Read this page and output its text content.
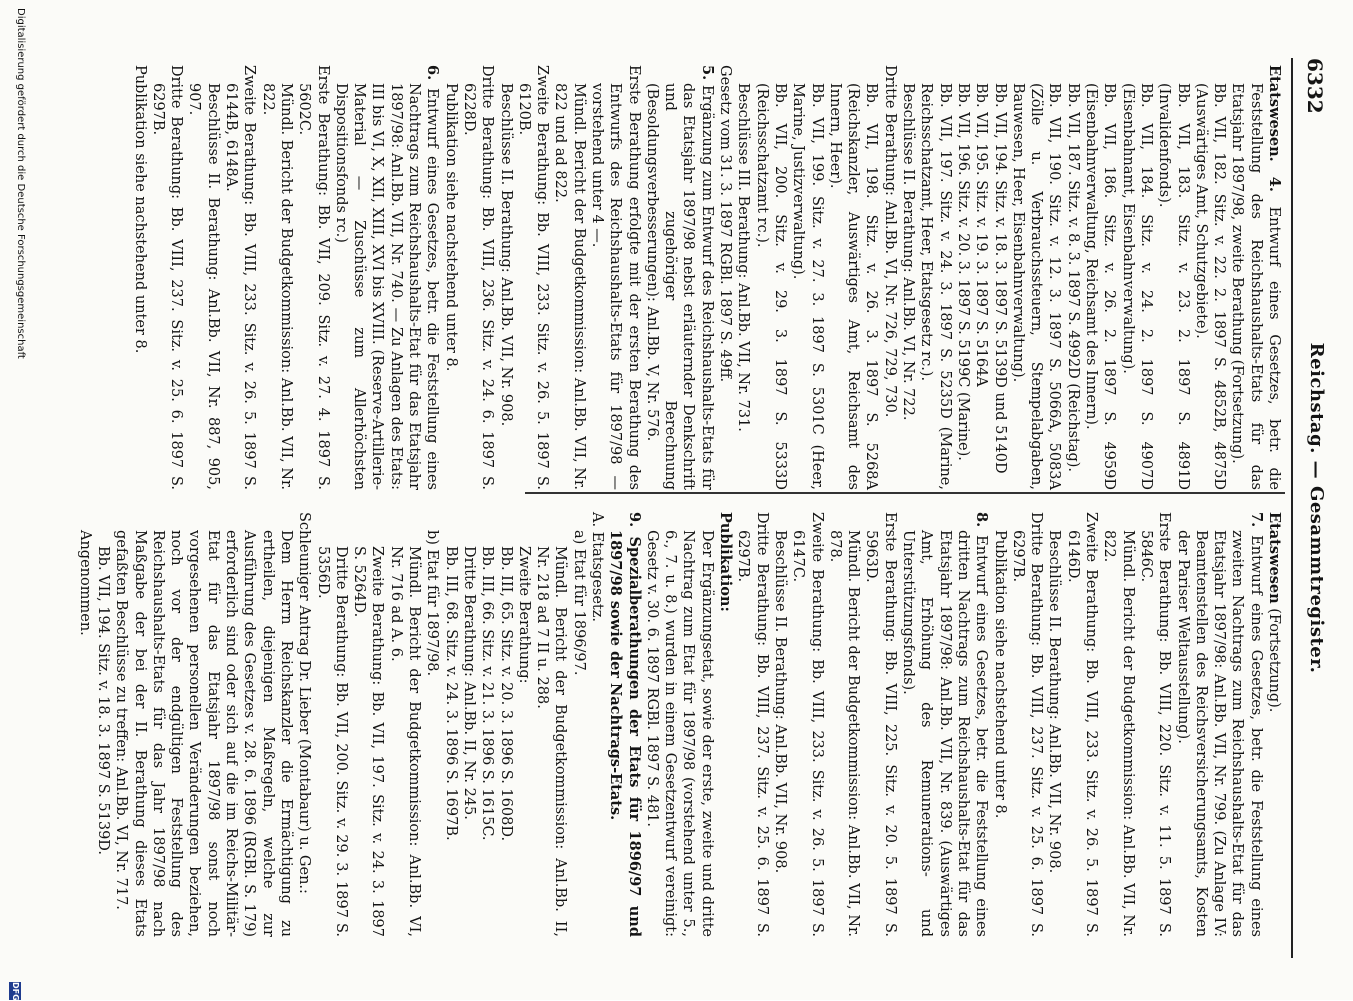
6332
Reichstag. — Gesammtregister.

Etatswesen. 4. Entwurf eines Gesetzes, betr. die Feststellung des Reichshaushalts-Etats für das Etatsjahr 1897/98, zweite Berathung (Fortsetzung).

Bb. VII, 182. Sitz. v. 22. 2. 1897 S. 4852B, 4875D (Auswärtiges Amt, Schutzgebiete).

Bb. VII, 183. Sitz. v. 23. 2. 1897 S. 4891D (Invalidenfonds).

Bb. VII, 184. Sitz. v. 24. 2. 1897 S. 4907D (Eisenbahnamt, Eisenbahnverwaltung).

Bb. VII, 186. Sitz. v. 26. 2. 1897 S. 4959D (Eisenbahnverwaltung, Reichsamt des Innern).

Bb. VII, 187. Sitz. v. 8. 3. 1897 S. 4992D (Reichstag).

Bb. VII, 190. Sitz. v. 12. 3. 1897 S. 5066A, 5083A (Zölle u. Verbrauchssteuern, Stempelabgaben, Bauwesen, Heer, Eisenbahnverwaltung).

Bb. VII, 194. Sitz. v. 18. 3. 1897 S. 5139D und 5140D

Bb. VII, 195. Sitz. v. 19. 3. 1897 S. 5164A

Bb. VII, 196. Sitz. v. 20. 3. 1897 S. 5199C (Marine).

Bb. VII, 197. Sitz. v. 24. 3. 1897 S. 5235D (Marine, Reichsschatzamt, Heer, Etatsgesetz rc.).

Beschlüsse II. Berathung: Anl.Bb. VI, Nr. 722.

Dritte Berathung: Anl.Bb. VI, Nr. 726, 729, 730.

Bb. VII, 198. Sitz. v. 26. 3. 1897 S. 5268A (Reichskanzler, Auswärtiges Amt, Reichsamt des Innern, Heer).

Bb. VII, 199. Sitz. v. 27. 3. 1897 S. 5301C (Heer, Marine, Justizverwaltung).

Bb. VII, 200. Sitz. v. 29. 3. 1897 S. 5333D (Reichsschatzamt rc.).

Beschlüsse III. Berathung: Anl.Bb. VII, Nr. 731.

Gesetz vom 31. 3. 1897 RGBl. 1897 S. 49ff.

5. Ergänzung zum Entwurf des Reichshaushalts-Etats für das Etatsjahr 1897/98 nebst erläuternder Denkschrift und zugehöriger Berechnung (Besoldungsverbesserungen): Anl.Bb. V, Nr. 576.

Erste Berathung erfolgte mit der ersten Berathung des Entwurfs des Reichshaushalts-Etats für 1897/98 — vorstehend unter 4 —.

Mündl. Bericht der Budgetkommission: Anl.Bb. VII, Nr. 822 und ad 822.

Zweite Berathung: Bb. VIII, 233. Sitz. v. 26. 5. 1897 S. 6120B.

Beschlüsse II. Berathung: Anl.Bb. VII, Nr. 908.

Dritte Berathung: Bb. VIII, 236. Sitz. v. 24. 6. 1897 S. 6228D.

Publikation siehe nachstehend unter 8.

6. Entwurf eines Gesetzes, betr. die Feststellung eines Nachtrags zum Reichshaushalts-Etat für das Etatsjahr 1897/98: Anl.Bb. VII, Nr. 740. — Zu Anlagen des Etats: III bis VI, X, XII, XIII, XVI bis XVIII. (Reserve-Artillerie-Material — Zuschüsse zum Allerhöchsten Dispositionsfonds rc.)

Erste Berathung: Bb. VII, 209. Sitz. v. 27. 4. 1897 S. 5602C.

Mündl. Bericht der Budgetkommission: Anl.Bb. VII, Nr. 822.

Zweite Berathung: Bb. VIII, 233. Sitz. v. 26. 5. 1897 S. 6144B, 6148A.

Beschlüsse II. Berathung: Anl.Bb. VII, Nr. 887, 905, 907.

Dritte Berathung: Bb. VIII, 237. Sitz. v. 25. 6. 1897 S. 6297B.

Publikation siehe nachstehend unter 8.

Etatswesen (Fortsetzung).

7. Entwurf eines Gesetzes, betr. die Feststellung eines zweiten Nachtrags zum Reichshaushalts-Etat für das Etatsjahr 1897/98: Anl.Bb. VII, Nr. 799. (Zu Anlage IV: Beamtenstellen des Reichsversicherungsamts, Kosten der Pariser Weltausstellung).

Erste Berathung: Bb. VIII, 220. Sitz. v. 11. 5. 1897 S. 5846C.

Mündl. Bericht der Budgetkommission: Anl.Bb. VII, Nr. 822.

Zweite Berathung: Bb. VIII, 233. Sitz. v. 26. 5. 1897 S. 6146D.

Beschlüsse II. Berathung: Anl.Bb. VII, Nr. 908.

Dritte Berathung: Bb. VIII, 237. Sitz. v. 25. 6. 1897 S. 6297B.

Publikation siehe nachstehend unter 8.

8. Entwurf eines Gesetzes, betr. die Feststellung eines dritten Nachtrags zum Reichshaushalts-Etat für das Etatsjahr 1897/98: Anl.Bb. VII, Nr. 839. (Auswärtiges Amt, Erhöhung des Remunerations- und Unterstützungsfonds).

Erste Berathung: Bb. VIII, 225. Sitz. v. 20. 5. 1897 S. 5963D.

Mündl. Bericht der Budgetkommission: Anl.Bb. VII, Nr. 878.

Zweite Berathung: Bb. VIII, 233. Sitz. v. 26. 5. 1897 S. 6147C.

Beschlüsse II. Berathung: Anl.Bb. VII, Nr. 908.

Dritte Berathung: Bb. VIII, 237. Sitz. v. 25. 6. 1897 S. 6297B.

Publikation:

Der Ergänzungsetat, sowie der erste, zweite und dritte Nachtrag zum Etat für 1897/98 (vorstehend unter 5., 6., 7. u. 8.) wurden in einem Gesetzentwurf vereinigt: Gesetz v. 30. 6. 1897 RGBl. 1897 S. 481.

9. Spezialberathungen der Etats für 1896/97 und 1897/98 sowie der Nachtrags-Etats.

A. Etatsgesetz.

a) Etat für 1896/97.

Mündl. Bericht der Budgetkommission: Anl.Bb. II, Nr. 218 ad 7 II u. 288.

Zweite Berathung:

Bb. III, 65. Sitz. v. 20. 3. 1896 S. 1608D.

Bb. III, 66. Sitz. v. 21. 3. 1896 S. 1615C.

Dritte Berathung: Anl.Bb. II, Nr. 245.

Bb. III, 68. Sitz. v. 24. 3. 1896 S. 1697B.

b) Etat für 1897/98.

Mündl. Bericht der Budgetkommission: Anl.Bb. VI, Nr. 716 ad A. 6.

Zweite Berathung: Bb. VII, 197. Sitz. v. 24. 3. 1897 S. 5264D.

Dritte Berathung: Bb. VII, 200. Sitz. v. 29. 3. 1897 S. 5356D.

Schleuniger Antrag Dr. Lieber (Montabaur) u. Gen.:

Dem Herrn Reichskanzler die Ermächtigung zu ertheilen, diejenigen Maßregeln, welche zur Ausführung des Gesetzes v. 28. 6. 1896 (RGBl. S. 179) erforderlich sind oder sich auf die im Reichs-Militär-Etat für das Etatsjahr 1897/98 sonst noch vorgesehenen personellen Veränderungen beziehen, noch vor der endgültigen Feststellung des Reichshaushalts-Etats für das Jahr 1897/98 nach Maßgabe der bei der II. Berathung dieses Etats gefaßten Beschlüsse zu treffen: Anl.Bb. VI, Nr. 717.

Bb. VII, 194. Sitz. v. 18. 3. 1897 S. 5139D.

Angenommen.

Digitalisierung gefördert durch die Deutsche Forschungsgemeinschaft
DFG
